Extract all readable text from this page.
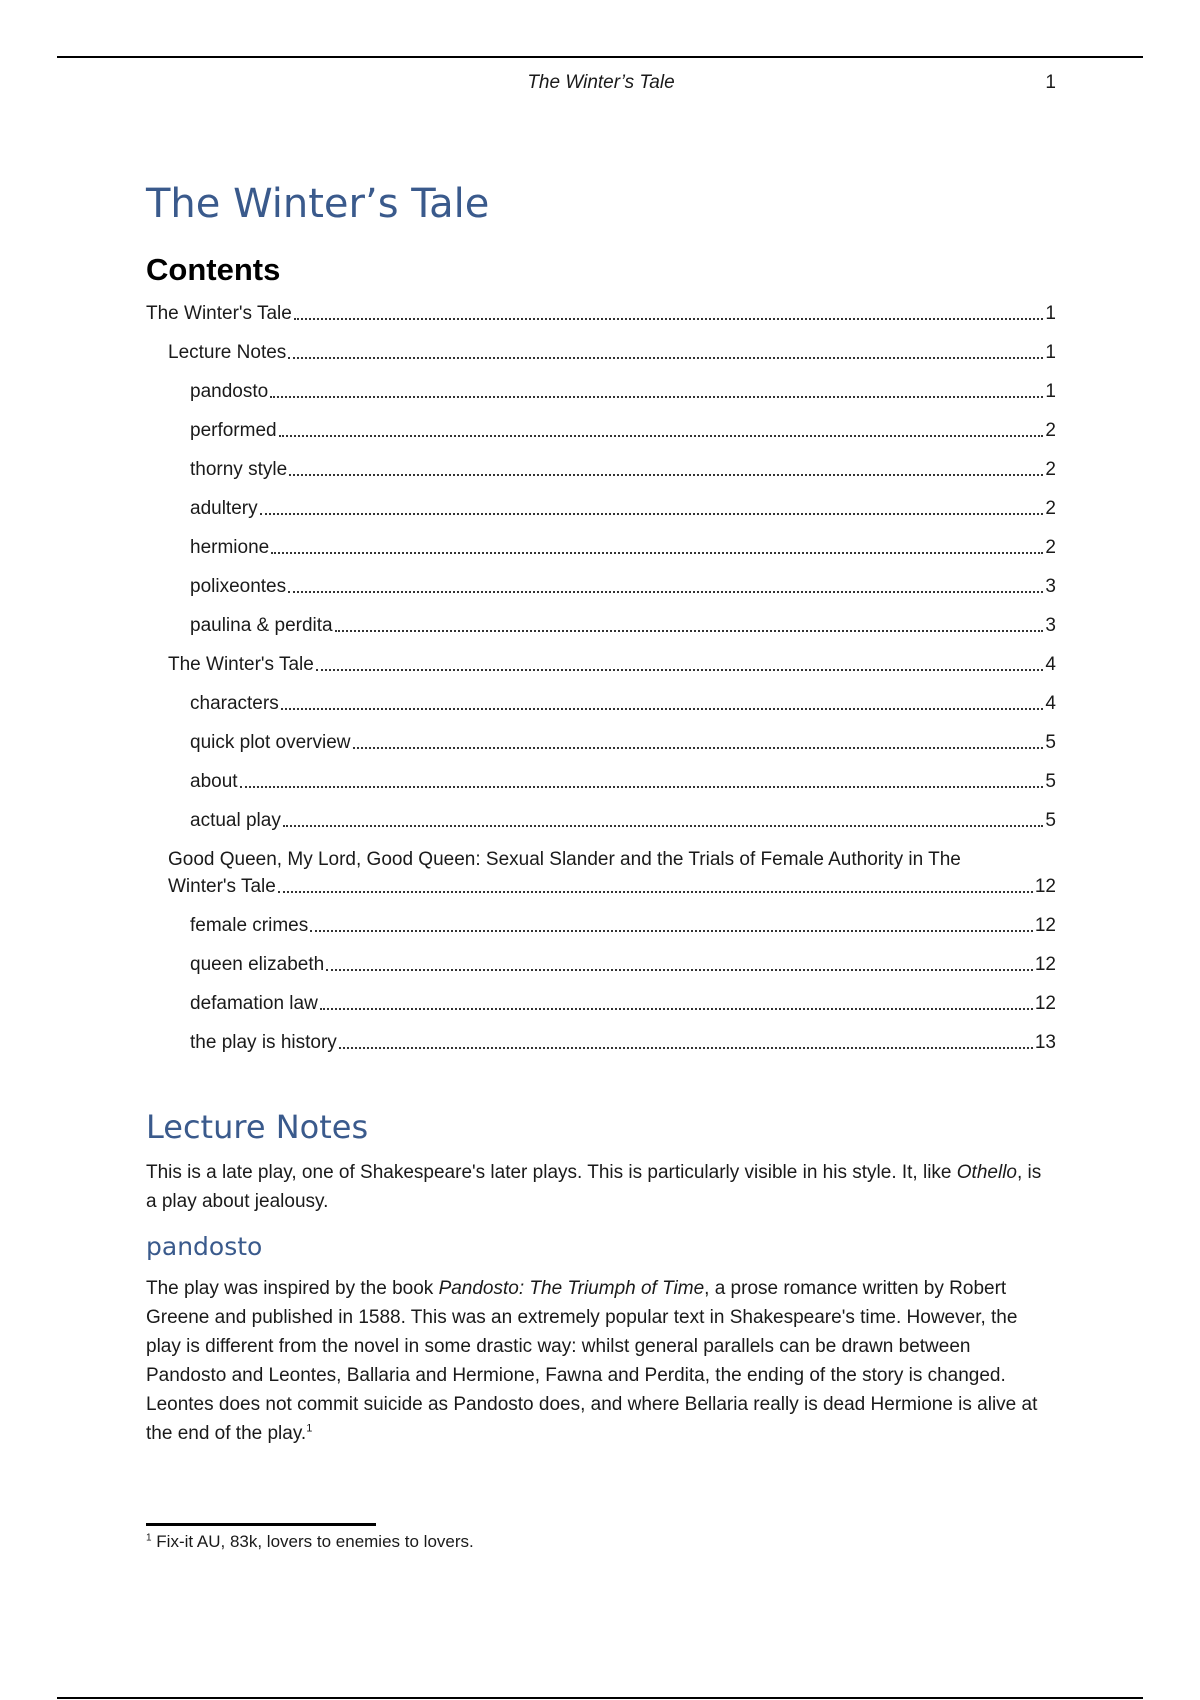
The Winter’s Tale	1
The Winter’s Tale
Contents
The Winter's Tale	1
Lecture Notes	1
pandosto	1
performed	2
thorny style	2
adultery	2
hermione	2
polixeontes	3
paulina & perdita	3
The Winter's Tale	4
characters	4
quick plot overview	5
about	5
actual play	5
Good Queen, My Lord, Good Queen: Sexual Slander and the Trials of Female Authority in The
Winter's Tale	12
female crimes	12
queen elizabeth	12
defamation law	12
the play is history	13
Lecture Notes

This is a late play, one of Shakespeare's later plays. This is particularly visible in his style. It, like Othello, is a play about jealousy.

pandosto

The play was inspired by the book Pandosto: The Triumph of Time, a prose romance written by Robert Greene and published in 1588. This was an extremely popular text in Shakespeare's time. However, the play is different from the novel in some drastic way: whilst general parallels can be drawn between Pandosto and Leontes, Ballaria and Hermione, Fawna and Perdita, the ending of the story is changed. Leontes does not commit suicide as Pandosto does, and where Bellaria really is dead Hermione is alive at the end of the play.$^1$

$^1$ Fix-it AU, 83k, lovers to enemies to lovers.
